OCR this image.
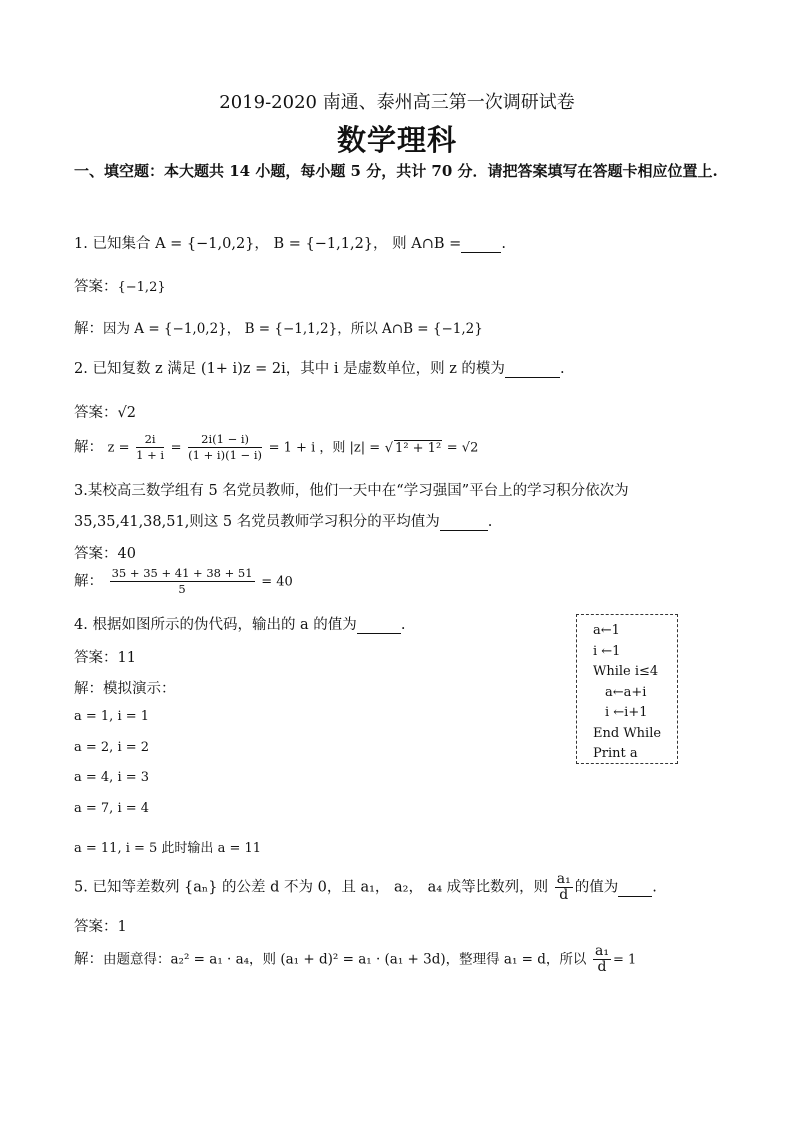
2019-2020 南通、泰州高三第一次调研试卷
数学理科
一、填空题：本大题共 14 小题，每小题 5 分，共计 70 分．请把答案填写在答题卡相应位置上.
1. 已知集合 A = {−1,0,2}， B = {−1,1,2}， 则 A∩B =	.
答案：{−1,2}
解：因为 A = {−1,0,2}， B = {−1,1,2}，所以 A∩B = {−1,2}
2. 已知复数 z 满足 (1+ i)z = 2i，其中 i 是虚数单位，则 z 的模为	.
答案：√2
解： $z = \frac{2i}{1 + i} = \frac{2i(1 - i)}{(1 + i)(1 - i)} = 1 + i$ ，则 |z| = √ 1² + 1² = √2
3.某校高三数学组有 5 名党员教师，他们一天中在“学习强国”平台上的学习积分依次为
35,35,41,38,51,则这 5 名党员教师学习积分的平均值为	.
答案：40
解： $\frac{35 + 35 + 41 + 38 + 51}{5} = 40$
4. 根据如图所示的伪代码，输出的 a 的值为	.
答案：11
解：模拟演示：
a = 1, i = 1
a = 2, i = 2
a = 4, i = 3
a = 7, i = 4
a = 11, i = 5 此时输出 a = 11
a←1
i ←1
While i≤4
a←a+i
i ←i+1
End While
Print a
5. 已知等差数列 {aₙ} 的公差 d 不为 0，且 a₁， a₂， a₄ 成等比数列，则 $\frac{\text{a₁}}{d}$ 的值为 .
答案：1
解：由题意得：a₂² = a₁ · a₄，则 (a₁ + d)² = a₁ · (a₁ + 3d)，整理得 a₁ = d，所以 $\frac{\text{a₁}}{d} = 1$
